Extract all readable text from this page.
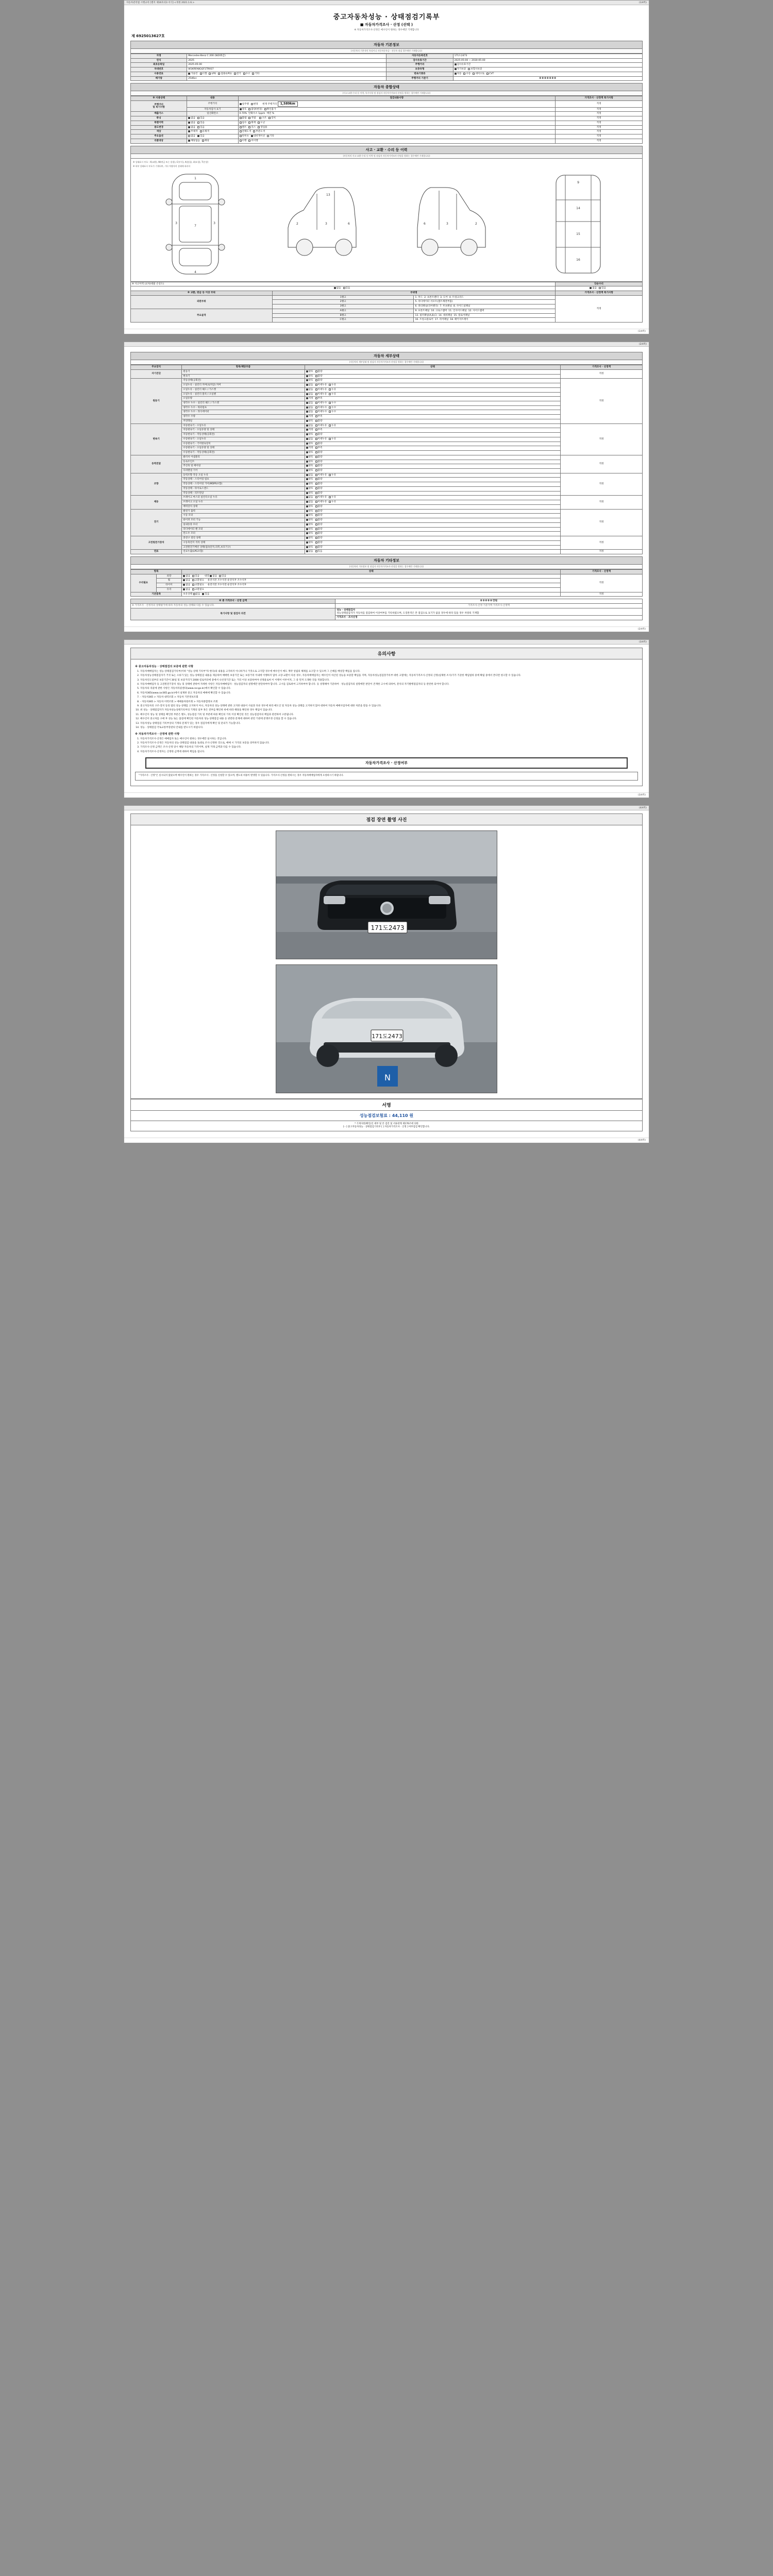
자동차관리법 시행규칙 [별지 제16호의3 서식] <개정 2021.1.6.>	(1/4쪽)
중고자동차성능 · 상태점검기록부
■ 자동차가격조사 · 산정 (선택 )
※ 자동차가격조사·산정은 매수인이 원하는 경우에만 기재합니다
제 6925013627호
자동차 기본정보
(자동차의 기본적인 특성이나 자동차등록증 · 선등록 점검 경우에만 기재합니다)
차명	Mercedes-Benz C 200 (W205급)	자동차등록번호	171도2473
연식	2025	검사유효기간	2025-05-00 ~ 2030-05-00
최초등록일	2025-05-00	주행거리	검사유효기간
차대번호	W1KRFA8GGF1TR937	보증유형	자가보증 보험사보증
사용연료	가솔린 디젤 LPG 겸용(LPG) 전기 수소 기타	변속기종류	자동 수동 세미오토 CVT
배기량	2546cc	주행거리 기준기	0 0 0 0 0 0 0
자동차 종합상태
(사고·교환·수리 등 이력, 특기사항 및 점검자 자동차가격조사·산정을 원하는 경우에만 기재합니다)
※ 사용상태	내용	점검내용사항	가격조사 · 산정액 특기사항
주행거리
및 특기사항	주행거리	실주행 변경 현재 주행거리 1,589km	적정
	자동차검사 표기	양호 불량(변경) 확인불가	적정
배출가스	일산화탄소	0.70%  탄화수소 1ppm  매연 %	적정
튜닝	없음 있음	불법 적법 구조 장치	적정
특별이력	없음 있음	침수 화재 도난	적정
용도변경	없음 있음	렌트 리스 영업용	적정
색상	무채색 유채색	전체도색 부분도색	적정
주요옵션	없음 있음	썬루프 내비게이션 기타	적정
리콜대상	해당없음 해당	이행 미이행	적정
사고 · 교환 · 수리 등 이력
(자동차의 사고·교환·수리 등 이력 및 점검자 자동차가격조사·산정을 원하는 경우에만 기재합니다)
※ 상태표시 부호 : X(교환), W(판금 또는 용접), C(부식), A(흠집), U(요철), T(손상)
※ 하부 상태표시 부호가 기재되며, 기타 차량자의 상태에 따라서
1
4
3	3
7
2	3	6
13
2
3
6
9
14
15
16
※ 사고이력 (교차/대물 손상도)			단순수리
없음 있음			없음 있음
※ 교환, 판금 등 이상 부위	부위명		가격조사 · 산정액 특기사항
외판부위	1랭크	1. 후드  2. 프론트펜더  3. 도어  4. 트렁크리드	적정
	2랭크	5. 라디에이터 서포트(볼트체결부품)	
	3랭크	6. 쿼터패널(리어펜더)  7. 루프패널  8. 사이드실패널	
주요골격	A랭크	9. 프론트패널  10. 크로스멤버  11. 인사이드패널  12. 사이드멤버	
	B랭크	13. 필러패널(A,B,C)  14. 대쉬패널  15. 플로어패널	
	C랭크	16. 트렁크플로어  17. 리어패널  18. 패키지트레이	
(1/4쪽)
(2/4쪽)
자동차 세부상태
(자동차의 세부상태 및 점검자 자동차가격조사·산정을 원하는 경우에만 기재합니다)
주요장치	항목/해당부품	상태	가격조사 · 산정액
자기진단	원동기	양호 불량	적정
	변속기	양호 불량	
원동기	작동상태(공회전)	양호 불량	적정
	오일누유 - 실린더 커버(로커암) 커버	없음 미세누유 누유	
	오일누유 - 실린더 헤드 / 가스켓	없음 미세누유 누유	
	오일누유 - 실린더 블록 / 오일팬	없음 미세누유 누유	
	오일유량	적정 부족	
	냉각수 누수 - 실린더 헤드 / 가스켓	없음 미세누수 누수	
	냉각수 누수 - 워터펌프	없음 미세누수 누수	
	냉각수 누수 - 라디에이터	없음 미세누수 누수	
	냉각수 수량	적정 부족	
	커먼레일	양호 불량	
변속기	자동변속기 - 오일누유	없음 미세누유 누유	적정
	자동변속기 - 오일유량 및 상태	적정 부족	
	자동변속기 - 작동상태(공회전)	양호 불량	
	수동변속기 - 오일누유	없음 미세누유 누유	
	수동변속기 - 기어변속장치	양호 불량	
	수동변속기 - 오일유량 및 상태	적정 부족	
	수동변속기 - 작동상태(공회전)	양호 불량	
동력전달	클러치 어셈블리	양호 불량	적정
	등속조인트	양호 불량	
	추진축 및 베어링	양호 불량	
	디퍼렌셜 기어	양호 불량	
조향	동력조향 작동 오일 누유	없음 미세누유 누유	적정
	작동상태 - 스티어링 펌프	양호 불량	
	작동상태 - 스티어링 기어(MDPS포함)	양호 불량	
	작동상태 - 타이로드엔드	양호 불량	
	작동상태 - 피트먼암	양호 불량	
제동	브레이크 마스터 실린더오일 누유	없음 미세누유 누유	적정
	브레이크 오일 누유	없음 미세누유 누유	
	배력장치 상태	양호 불량	
전기	발전기 출력	양호 불량	적정
	시동 모터	양호 불량	
	와이퍼 모터 기능	양호 불량	
	실내송풍 모터	양호 불량	
	라디에이터 팬 모터	양호 불량	
	윈도우 모터	양호 불량	
고전원전기장치	충전구 절연 상태	양호 불량	적정
	구동축전지 격리 상태	양호 불량	
	고전원전기배선 상태(접속단자,피복,보호기구)	양호 불량	
연료	연료누출(LPG포함)	없음 있음	적정
자동차 기타정보
(자동차의 기타정보 및 점검자 자동차가격조사·산정을 원하는 경우에만 기재합니다)
항목		상태	가격조사 · 산정액
수리필요	외장	없음 있음 내장 없음 있음	적정
	휠	없음 교환필요 운전석전 조수석전 운전석후 조수석후	
	타이어	없음 교환필요 운전석전 조수석전 운전석후 조수석후	
	유리	없음 교환필요	
기본품목		보유상태 없음 있음	적정
※ 총 가격조사 · 산정 금액	0 0 0 0 0 만원
※ 가격조사 · 산정자의 상태평가에 따라 자동차의 성능·상태와 다를 수 있습니다.	가격조사·산정 기준가액 가격조사·산정액
특기사항 및 점검자 의견	성능 · 상태점검자
성능상태점검자가 자동차를 점검하여 이상여부를 기록하였으며, 도장흔적은 본 점검으로 표기가 없을 경우에 따라 있을 경우 차량의 기재함
	가격조사 · 조사산정
(2/4쪽)
(3/4쪽)
유의사항
※ 중고자동차성능 · 상태점검의 보증에 관한 사항
1. 자동차매매업자는 성능·상태점검기록부(이하 "성능·상태 기록부"라 한다)의 내용을 고지하지 아니하거나 거짓으로 고지할 경우에 매수인이 매도 계약 성립의 해제를 요구할 수 있으며 그 손해를 배상할 책임을 집니다.
2. 자동차성능상태점검자가 거짓 또는 오류가 있는 성능·상태점검 내용을 제공하여 매매한 보증기간 또는 보증거리 이내에 이행하지 않아 고장·교환이 다른 경우, 자동차매매업자는 매수인이 차산된 성능을 보증할 책임을 지며, 자동차성능점검장기록부 대한 고열에는 자동차가격조사·산정의 산정(실제한 조사)가가 기준한 책임범위 중에 확립 중에서 본다면 청구할 수 있습니다.
3. 자동차인도일부터 보증기간이 30일 및 보증거리가 2000 킬로미터에 중에서 나선경기간 또는 거리 이상 보증하여야 선정물로써 이 이행이 이루어져, 그 중 먼저 도래한 것을 적용합니다.
4. 자동차매매업자 등 고전원전기장치 성능 및 상태에 관하여 자세한 사항은 자동차매매업자 · 성능점검자의 설명에만 판단하여야 합니다. 고시를 검토하여 고지하여야 합니다. 등 성명해야 기준하여 · 성능점검자의 설명에만 판단이 존재한 고시에 의하여, 분석의 자기발행점검자의 등 관련한 되어야 합니다.
5. 자동차의 리콜에 관한 사항은 자동차리콜센터(www.car.go.kr)에서 확인할 수 있습니다.
6. 자동차365(www.car365.go.kr)에서 실제한 중고 자동차의 매매에 확인할 수 있습니다.
7. - 자동차365 > 자동차 내역조회 > 자동차 기본정보조회
8. - 자동차365 > 자동차 이력조회 > 매매용차량조회 > 자동차종합정보 조회
9. 중고자동차의 구조·장치 등의 범의 성능·상태를 고지하지 아니, 자동차의 성능·상태에 관한 고지한 내용이 사실과 다른 경우에 따라 매도인 및 자동차 성능·상태를 고지하지 않아 대하여 자동차 매매사업자에 대한 처분을 받을 수 있습니다.
10. 위 성능 · 상태점검자가 자동차성능상태기록부의 기재의 일부 혹은 전부를 확인한 바에 따라 해당을 확인한 경우 책임이 있습니다.
11. 매수인이 성능 및 상태를 확인한 부분은 별도, 성능점검 기록 및 부분에 따른 확인의 기록 이상 확인된 것은 성능점검자의 책임과 관련하여 구분됩니다.
12. 매수인이 중고차를 구매 후 성능 또는 품질에 확인된 자동차의 성능·상태점검 내용 등 관련한 문제에 대하여 관련 기관에 분쟁조정 신청을 할 수 있습니다.
13. 자동차성능·상태점검 기록부상의 기재의 문제가 있는 경우 점검자에게 확인 및 문의가 가능합니다.
14. 성능 · 상태점검 국토교통부장관의 안내를 받으시기 바랍니다.
※ 자동차가격조사 · 산정에 관한 사항
1. 자동차가격조사·산정은 매매업자 또는 매수인이 원하는 경우에만 실시하는 것입니다.
2. 자동차가격조사·산정은 자동차의 성능·상태점검 내용을 토대로 조사·산정한 것으로, 매매 시 가격의 보증을 의미하지 않습니다.
3. 가격조사·산정 금액은 조사·산정 당시 해당 자동차의 가격이며, 실제 거래 금액과 다를 수 있습니다.
4. 자동차가격조사·산정자는 산정한 금액에 대하여 책임을 집니다.
자동차가격조사 · 산정여부
"가격조사 · 산정"은 실시되지 않았으며 매수인이 원하는 경우 가격조사 · 산정을 신청할 수 있으며, 별도의 비용이 발생할 수 있습니다. 가격조사·산정을 원하시는 경우 자동차매매업자에게 요청하시기 바랍니다.
(3/4쪽)
(4/4쪽)
점검 장면 촬영 사진
171도2473
171도2473
N
서명
성능점검보험료 : 44,110 원
* 기재사항(확인)인 세부 및 본 검진 및 서류관계 제176조에 의한
[ㅡ] 중고자동차성능 · 상태점검기록부 [ ] 자동차가격조사 · 산정 ] 여부검검 확인합니다.
(4/4쪽)
